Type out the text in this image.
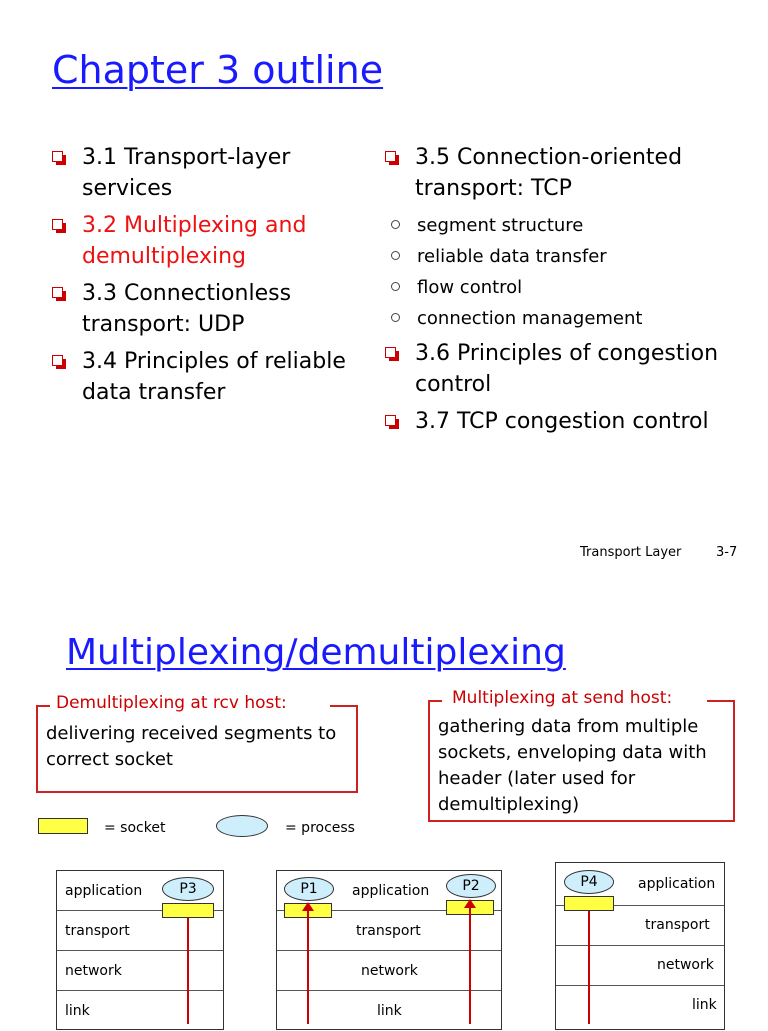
Chapter 3 outline
3.1 Transport-layer services
3.2 Multiplexing and demultiplexing
3.3 Connectionless transport: UDP
3.4 Principles of reliable data transfer
3.5 Connection-oriented transport: TCP
segment structure
reliable data transfer
flow control
connection management
3.6 Principles of congestion control
3.7 TCP congestion control
Transport Layer	3-7
Multiplexing/demultiplexing
delivering received segments to correct socket
Demultiplexing at rcv host:
gathering data from multiple sockets, enveloping data with header (later used for demultiplexing)
Multiplexing at send host:
= socket	= process
application
transport
network
link
P3	application
transport
network
link
P1	P2	application
transport
network
link
P4
